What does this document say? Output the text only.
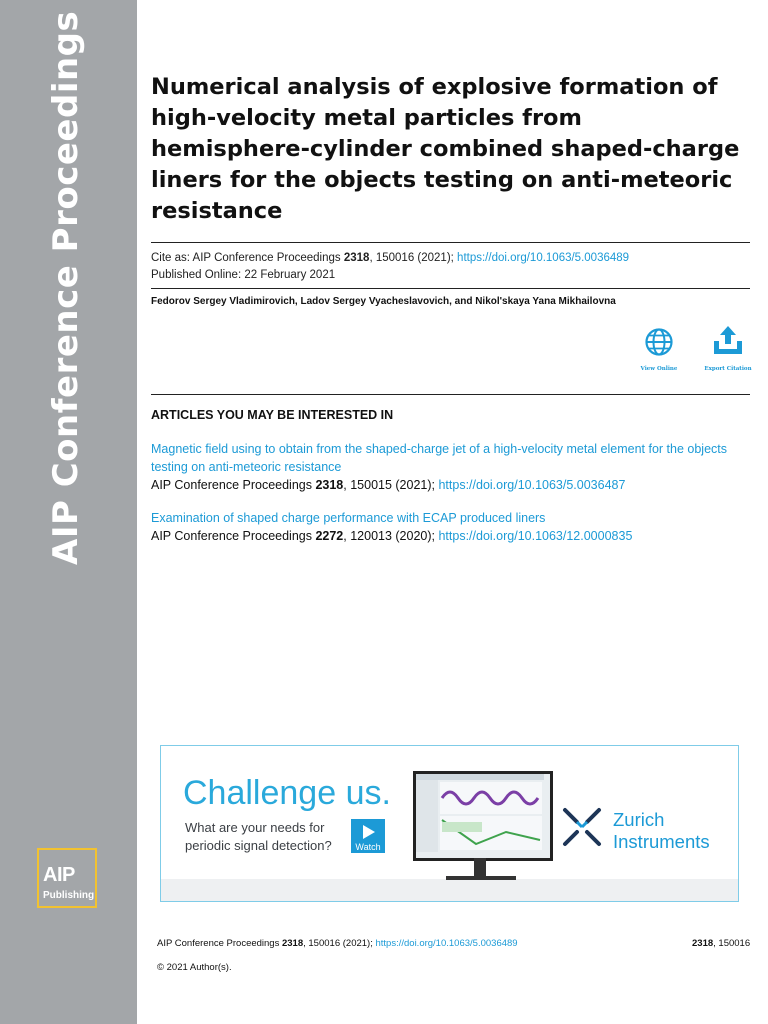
AIP Conference Proceedings
AIP
Publishing
Numerical analysis of explosive formation of high-velocity metal particles from hemisphere-cylinder combined shaped-charge liners for the objects testing on anti-meteoric resistance
Cite as: AIP Conference Proceedings 2318, 150016 (2021); https://doi.org/10.1063/5.0036489
Published Online: 22 February 2021
Fedorov Sergey Vladimirovich, Ladov Sergey Vyacheslavovich, and Nikol'skaya Yana Mikhailovna
View Online	Export Citation
ARTICLES YOU MAY BE INTERESTED IN
Magnetic field using to obtain from the shaped-charge jet of a high-velocity metal element for the objects testing on anti-meteoric resistance
AIP Conference Proceedings 2318, 150015 (2021); https://doi.org/10.1063/5.0036487
Examination of shaped charge performance with ECAP produced liners
AIP Conference Proceedings 2272, 120013 (2020); https://doi.org/10.1063/12.0000835
Challenge us.
What are your needs for periodic signal detection?	Watch
Zurich
Instruments
AIP Conference Proceedings 2318, 150016 (2021); https://doi.org/10.1063/5.0036489	2318, 150016
© 2021 Author(s).
